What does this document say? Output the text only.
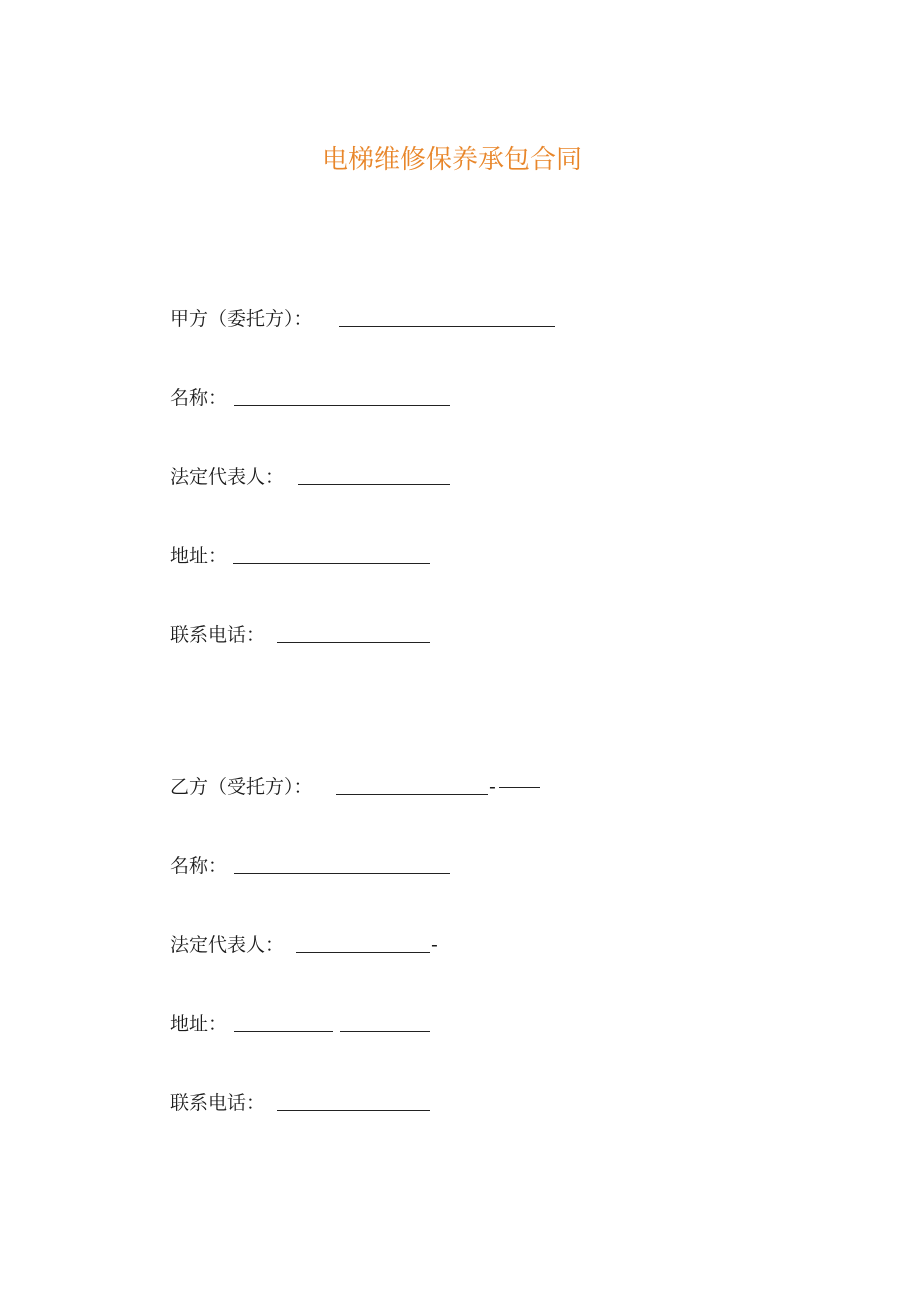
电梯维修保养承包合同
甲方（委托方）：
名称：
法定代表人：
地址：
联系电话：
乙方（受托方）：	-
名称：
法定代表人：	-
地址：
联系电话：
